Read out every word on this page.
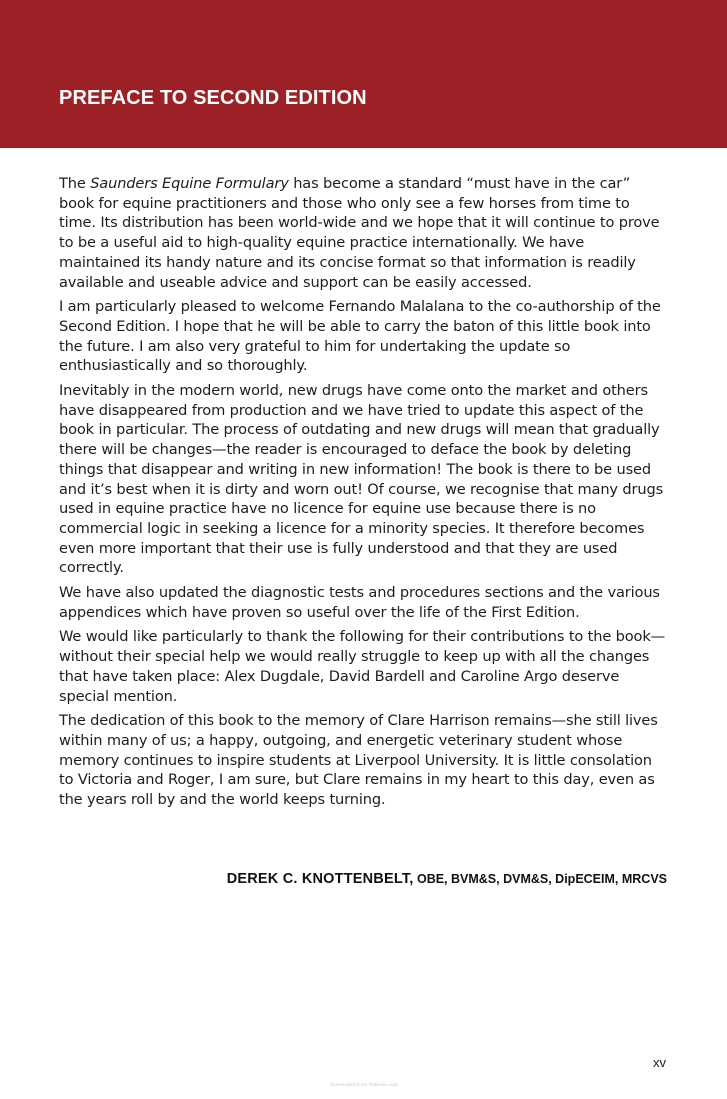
PREFACE TO SECOND EDITION

The Saunders Equine Formulary has become a standard “must have in the car” book for equine practitioners and those who only see a few horses from time to time. Its distribution has been world-wide and we hope that it will continue to prove to be a useful aid to high-quality equine practice internationally. We have maintained its handy nature and its concise format so that information is readily available and useable advice and support can be easily accessed.

I am particularly pleased to welcome Fernando Malalana to the co-authorship of the Second Edition. I hope that he will be able to carry the baton of this little book into the future. I am also very grateful to him for undertaking the update so enthusiastically and so thoroughly.

Inevitably in the modern world, new drugs have come onto the market and others have disappeared from production and we have tried to update this aspect of the book in particular. The process of outdating and new drugs will mean that gradually there will be changes—the reader is encouraged to deface the book by deleting things that disappear and writing in new information! The book is there to be used and it’s best when it is dirty and worn out! Of course, we recognise that many drugs used in equine practice have no licence for equine use because there is no commercial logic in seeking a licence for a minority species. It therefore becomes even more important that their use is fully understood and that they are used correctly.

We have also updated the diagnostic tests and procedures sections and the various appendices which have proven so useful over the life of the First Edition.

We would like particularly to thank the following for their contributions to the book—without their special help we would really struggle to keep up with all the changes that have taken place: Alex Dugdale, David Bardell and Caroline Argo deserve special mention.

The dedication of this book to the memory of Clare Harrison remains—she still lives within many of us; a happy, outgoing, and energetic veterinary student whose memory continues to inspire students at Liverpool University. It is little consolation to Victoria and Roger, I am sure, but Clare remains in my heart to this day, even as the years roll by and the world keeps turning.

DEREK C. KNOTTENBELT, OBE, BVM&S, DVM&S, DipECEIM, MRCVS
xv
Downloaded From VetBooks.com
